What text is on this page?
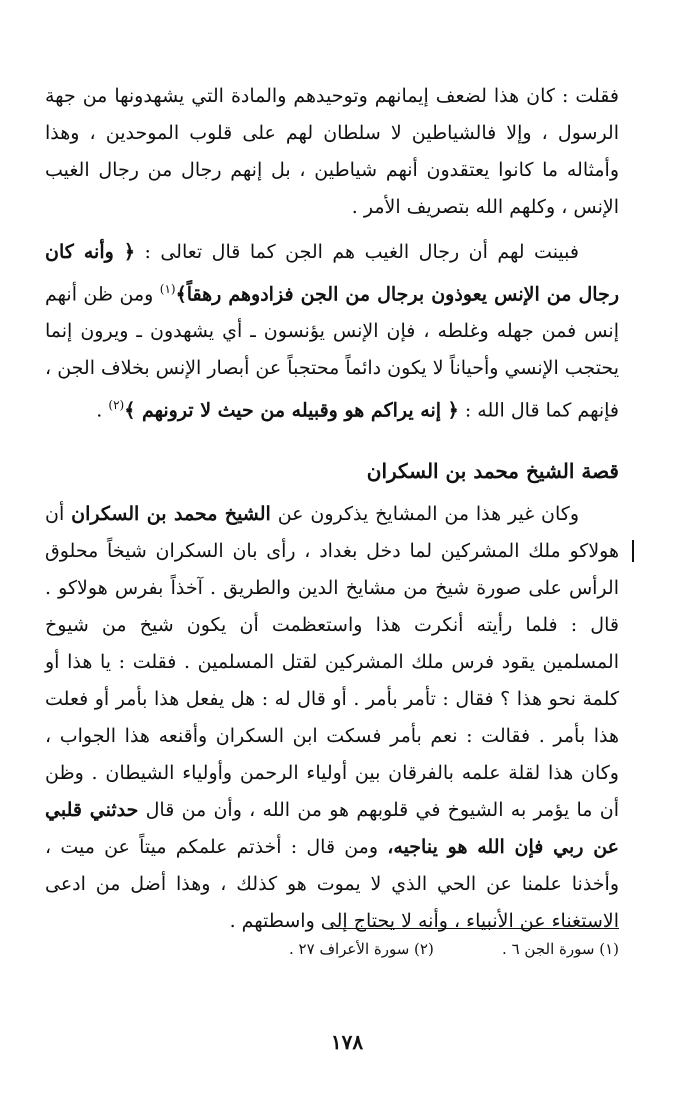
فقلت : كان هذا لضعف إيمانهم وتوحيدهم والمادة التي يشهدونها من جهة الرسول ، وإلا فالشياطين لا سلطان لهم على قلوب الموحدين ، وهذا وأمثاله ما كانوا يعتقدون أنهم شياطين ، بل إنهم رجال من رجال الغيب الإنس ، وكلهم الله بتصريف الأمر .

فبينت لهم أن رجال الغيب هم الجن كما قال تعالى : ﴿ وأنه كان رجال من الإنس يعوذون برجال من الجن فزادوهم رهقاً﴾$^{(١)}$ ومن ظن أنهم إنس فمن جهله وغلطه ، فإن الإنس يؤنسون ـ أي يشهدون ـ ويرون إنما يحتجب الإنسي وأحياناً لا يكون دائماً محتجباً عن أبصار الإنس بخلاف الجن ، فإنهم كما قال الله : ﴿ إنه يراكم هو وقبيله من حيث لا ترونهم ﴾$^{(٢)}$ .

قصة الشيخ محمد بن السكران

وكان غير هذا من المشايخ يذكرون عن الشيخ محمد بن السكران أن هولاكو ملك المشركين لما دخل بغداد ، رأى بان السكران شيخاً محلوق الرأس على صورة شيخ من مشايخ الدين والطريق . آخذاً بفرس هولاكو . قال : فلما رأيته أنكرت هذا واستعظمت أن يكون شيخ من شيوخ المسلمين يقود فرس ملك المشركين لقتل المسلمين . فقلت : يا هذا أو كلمة نحو هذا ؟ فقال : تأمر بأمر . أو قال له : هل يفعل هذا بأمر أو فعلت هذا بأمر . فقالت : نعم بأمر فسكت ابن السكران وأقنعه هذا الجواب ، وكان هذا لقلة علمه بالفرقان بين أولياء الرحمن وأولياء الشيطان . وظن أن ما يؤمر به الشيوخ في قلوبهم هو من الله ، وأن من قال حدثني قلبي عن ربي فإن الله هو يناجيه، ومن قال : أخذتم علمكم ميتاً عن ميت ، وأخذنا علمنا عن الحي الذي لا يموت هو كذلك ، وهذا أضل من ادعى الاستغناء عن الأنبياء ، وأنه لا يحتاج إلى واسطتهم .

(١) سورة الجن ٦ .
(٢) سورة الأعراف ٢٧ .
١٧٨
